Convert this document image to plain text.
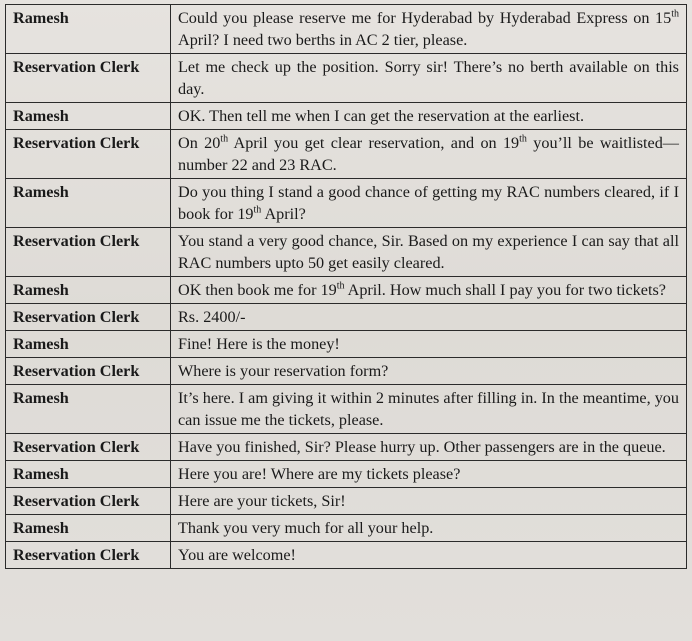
Ramesh	Could you please reserve me for Hyderabad by Hyderabad Express on 15th April? I need two berths in AC 2 tier, please.
Reservation Clerk	Let me check up the position. Sorry sir! There’s no berth available on this day.
Ramesh	OK. Then tell me when I can get the reservation at the earliest.
Reservation Clerk	On 20th April you get clear reservation, and on 19th you’ll be waitlisted—number 22 and 23 RAC.
Ramesh	Do you thing I stand a good chance of getting my RAC numbers cleared, if I book for 19th April?
Reservation Clerk	You stand a very good chance, Sir. Based on my experience I can say that all RAC numbers upto 50 get easily cleared.
Ramesh	OK then book me for 19th April. How much shall I pay you for two tickets?
Reservation Clerk	Rs. 2400/-
Ramesh	Fine! Here is the money!
Reservation Clerk	Where is your reservation form?
Ramesh	It’s here. I am giving it within 2 minutes after filling in. In the meantime, you can issue me the tickets, please.
Reservation Clerk	Have you finished, Sir? Please hurry up. Other passengers are in the queue.
Ramesh	Here you are! Where are my tickets please?
Reservation Clerk	Here are your tickets, Sir!
Ramesh	Thank you very much for all your help.
Reservation Clerk	You are welcome!
